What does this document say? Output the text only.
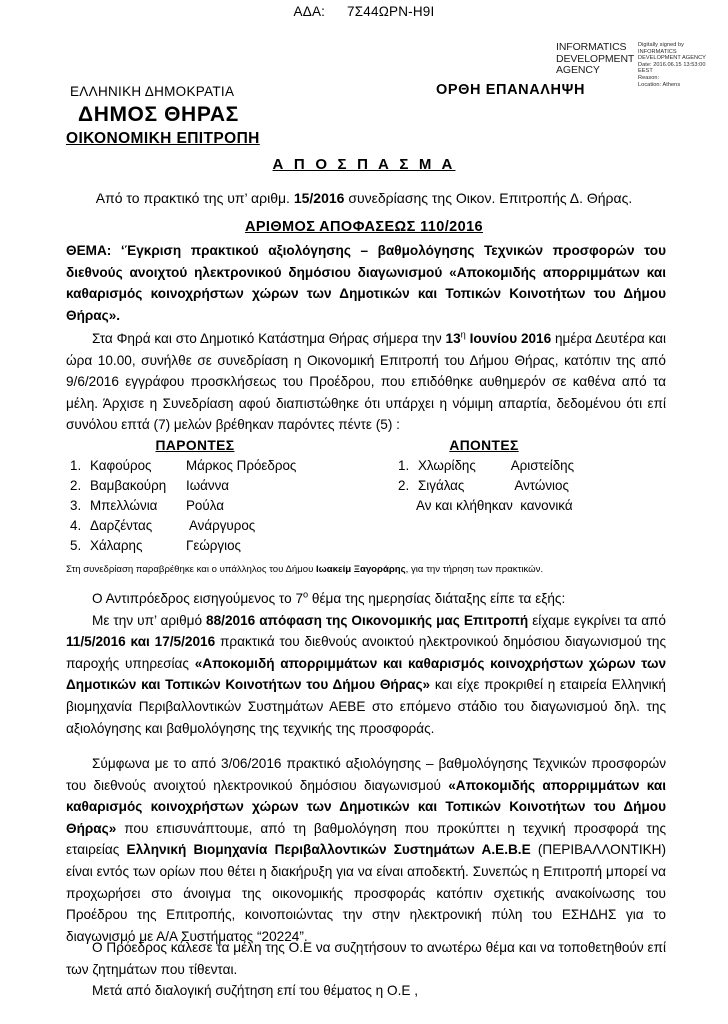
ΑΔΑ: 7Σ44ΩΡΝ-Η9Ι
INFORMATICS DEVELOPMENT AGENCY
Digitally signed by
INFORMATICS
DEVELOPMENT AGENCY
Date: 2016.06.15 13:53:00
EEST
Reason:
Location: Athens
ΕΛΛΗΝΙΚΗ ΔΗΜΟΚΡΑΤΙΑ
ΔΗΜΟΣ ΘΗΡΑΣ
ΟΙΚΟΝΟΜΙΚΗ ΕΠΙΤΡΟΠΗ
ΟΡΘΗ ΕΠΑΝΑΛΗΨΗ
Α Π Ο Σ Π Α Σ Μ Α
Από το πρακτικό της υπ’ αριθμ. 15/2016 συνεδρίασης της Οικον. Επιτροπής Δ. Θήρας.
ΑΡΙΘΜΟΣ ΑΠΟΦΑΣΕΩΣ 110/2016
ΘΕΜΑ: ‘Έγκριση πρακτικού αξιολόγησης – βαθμολόγησης Τεχνικών προσφορών του διεθνούς ανοιχτού ηλεκτρονικού δημόσιου διαγωνισμού «Αποκομιδής απορριμμάτων και καθαρισμός κοινοχρήστων χώρων των Δημοτικών και Τοπικών Κοινοτήτων του Δήμου Θήρας».
Στα Φηρά και στο Δημοτικό Κατάστημα Θήρας σήμερα την $13^\eta$ Ιουνίου 2016 ημέρα Δευτέρα και ώρα 10.00, συνήλθε σε συνεδρίαση η Οικονομική Επιτροπή του Δήμου Θήρας, κατόπιν της από 9/6/2016 εγγράφου προσκλήσεως του Προέδρου, που επιδόθηκε αυθημερόν σε καθένα από τα μέλη. Άρχισε η Συνεδρίαση αφού διαπιστώθηκε ότι υπάρχει η νόμιμη απαρτία, δεδομένου ότι επί συνόλου επτά (7) μελών βρέθηκαν παρόντες πέντε (5) :
ΠΑΡΟΝΤΕΣ
1. Καφούρος	Μάρκος Πρόεδρος
2. Βαμβακούρη	Ιωάννα
3. Μπελλώνια	Ρούλα
4. Δαρζέντας	Ανάργυρος
5. Χάλαρης	Γεώργιος
ΑΠΟΝΤΕΣ
1. Χλωρίδης	Αριστείδης
2. Σιγάλας	Αντώνιος
Αν και κλήθηκαν  κανονικά
Στη συνεδρίαση παραβρέθηκε και ο υπάλληλος του Δήμου Ιωακείμ Ξαγοράρης, για την τήρηση των πρακτικών.
Ο Αντιπρόεδρος εισηγούμενος το $7^o$ θέμα της ημερησίας διάταξης είπε τα εξής:
Με την υπ’ αριθμό 88/2016 απόφαση της Οικονομικής μας Επιτροπή είχαμε εγκρίνει τα από 11/5/2016 και 17/5/2016 πρακτικά του διεθνούς ανοικτού ηλεκτρονικού δημόσιου διαγωνισμού της παροχής υπηρεσίας «Αποκομιδή απορριμμάτων και καθαρισμός κοινοχρήστων χώρων των Δημοτικών και Τοπικών Κοινοτήτων του Δήμου Θήρας» και είχε προκριθεί η εταιρεία Ελληνική βιομηχανία Περιβαλλοντικών Συστημάτων ΑΕΒΕ στο επόμενο στάδιο του διαγωνισμού δηλ. της αξιολόγησης και βαθμολόγησης της τεχνικής της προσφοράς.
Σύμφωνα με το από 3/06/2016 πρακτικό αξιολόγησης – βαθμολόγησης Τεχνικών προσφορών του διεθνούς ανοιχτού ηλεκτρονικού δημόσιου διαγωνισμού «Αποκομιδής απορριμμάτων και καθαρισμός κοινοχρήστων χώρων των Δημοτικών και Τοπικών Κοινοτήτων του Δήμου Θήρας» που επισυνάπτουμε, από τη βαθμολόγηση που προκύπτει η τεχνική προσφορά της εταιρείας Ελληνική Βιομηχανία Περιβαλλοντικών Συστημάτων Α.Ε.Β.Ε (ΠΕΡΙΒΑΛΛΟΝΤΙΚΗ) είναι εντός των ορίων που θέτει η διακήρυξη για να είναι αποδεκτή. Συνεπώς η Επιτροπή μπορεί να προχωρήσει στο άνοιγμα της οικονομικής προσφοράς κατόπιν σχετικής ανακοίνωσης του Προέδρου της Επιτροπής, κοινοποιώντας την στην ηλεκτρονική πύλη του ΕΣΗΔΗΣ για το διαγωνισμό με Α/Α Συστήματος “20224”.
Ο Πρόεδρος κάλεσε τα μέλη της Ο.Ε να συζητήσουν το ανωτέρω θέμα και να τοποθετηθούν επί των ζητημάτων που τίθενται.
Μετά από διαλογική συζήτηση επί του θέματος η Ο.Ε ,
